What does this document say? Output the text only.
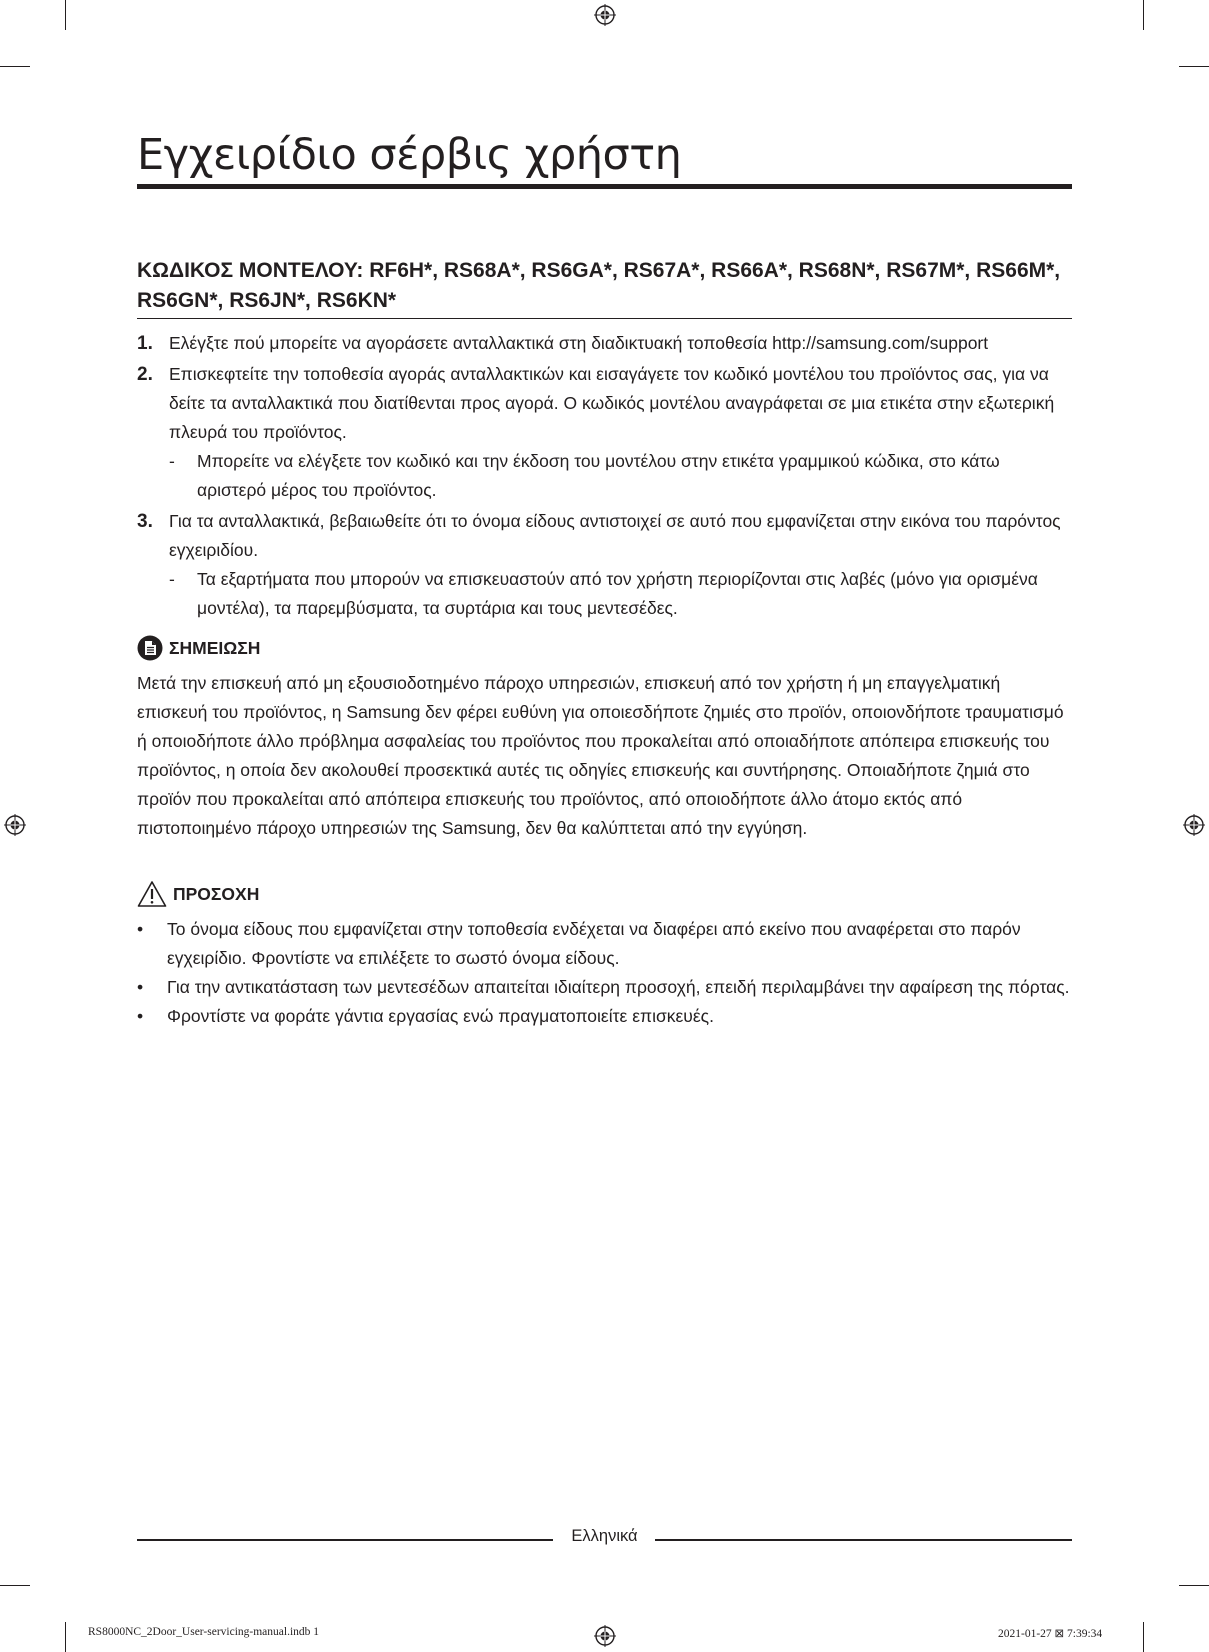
Εγχειρίδιο σέρβις χρήστη
ΚΩΔΙΚΟΣ ΜΟΝΤΕΛΟΥ: RF6H*, RS68A*, RS6GA*, RS67A*, RS66A*, RS68N*, RS67M*, RS66M*, RS6GN*, RS6JN*, RS6KN*
1. Ελέγξτε πού μπορείτε να αγοράσετε ανταλλακτικά στη διαδικτυακή τοποθεσία http://samsung.com/support
2. Επισκεφτείτε την τοποθεσία αγοράς ανταλλακτικών και εισαγάγετε τον κωδικό μοντέλου του προϊόντος σας, για να δείτε τα ανταλλακτικά που διατίθενται προς αγορά. Ο κωδικός μοντέλου αναγράφεται σε μια ετικέτα στην εξωτερική πλευρά του προϊόντος.
- Μπορείτε να ελέγξετε τον κωδικό και την έκδοση του μοντέλου στην ετικέτα γραμμικού κώδικα, στο κάτω αριστερό μέρος του προϊόντος.
3. Για τα ανταλλακτικά, βεβαιωθείτε ότι το όνομα είδους αντιστοιχεί σε αυτό που εμφανίζεται στην εικόνα του παρόντος εγχειριδίου.
- Τα εξαρτήματα που μπορούν να επισκευαστούν από τον χρήστη περιορίζονται στις λαβές (μόνο για ορισμένα μοντέλα), τα παρεμβύσματα, τα συρτάρια και τους μεντεσέδες.
ΣΗΜΕΙΩΣΗ
Μετά την επισκευή από μη εξουσιοδοτημένο πάροχο υπηρεσιών, επισκευή από τον χρήστη ή μη επαγγελματική επισκευή του προϊόντος, η Samsung δεν φέρει ευθύνη για οποιεσδήποτε ζημιές στο προϊόν, οποιονδήποτε τραυματισμό ή οποιοδήποτε άλλο πρόβλημα ασφαλείας του προϊόντος που προκαλείται από οποιαδήποτε απόπειρα επισκευής του προϊόντος, η οποία δεν ακολουθεί προσεκτικά αυτές τις οδηγίες επισκευής και συντήρησης. Οποιαδήποτε ζημιά στο προϊόν που προκαλείται από απόπειρα επισκευής του προϊόντος, από οποιοδήποτε άλλο άτομο εκτός από πιστοποιημένο πάροχο υπηρεσιών της Samsung, δεν θα καλύπτεται από την εγγύηση.
ΠΡΟΣΟΧΗ
• Το όνομα είδους που εμφανίζεται στην τοποθεσία ενδέχεται να διαφέρει από εκείνο που αναφέρεται στο παρόν εγχειρίδιο. Φροντίστε να επιλέξετε το σωστό όνομα είδους.
• Για την αντικατάσταση των μεντεσέδων απαιτείται ιδιαίτερη προσοχή, επειδή περιλαμβάνει την αφαίρεση της πόρτας.
• Φροντίστε να φοράτε γάντια εργασίας ενώ πραγματοποιείτε επισκευές.
Ελληνικά
RS8000NC_2Door_User-servicing-manual.indb 1	2021-01-27 ⊠ 7:39:34
